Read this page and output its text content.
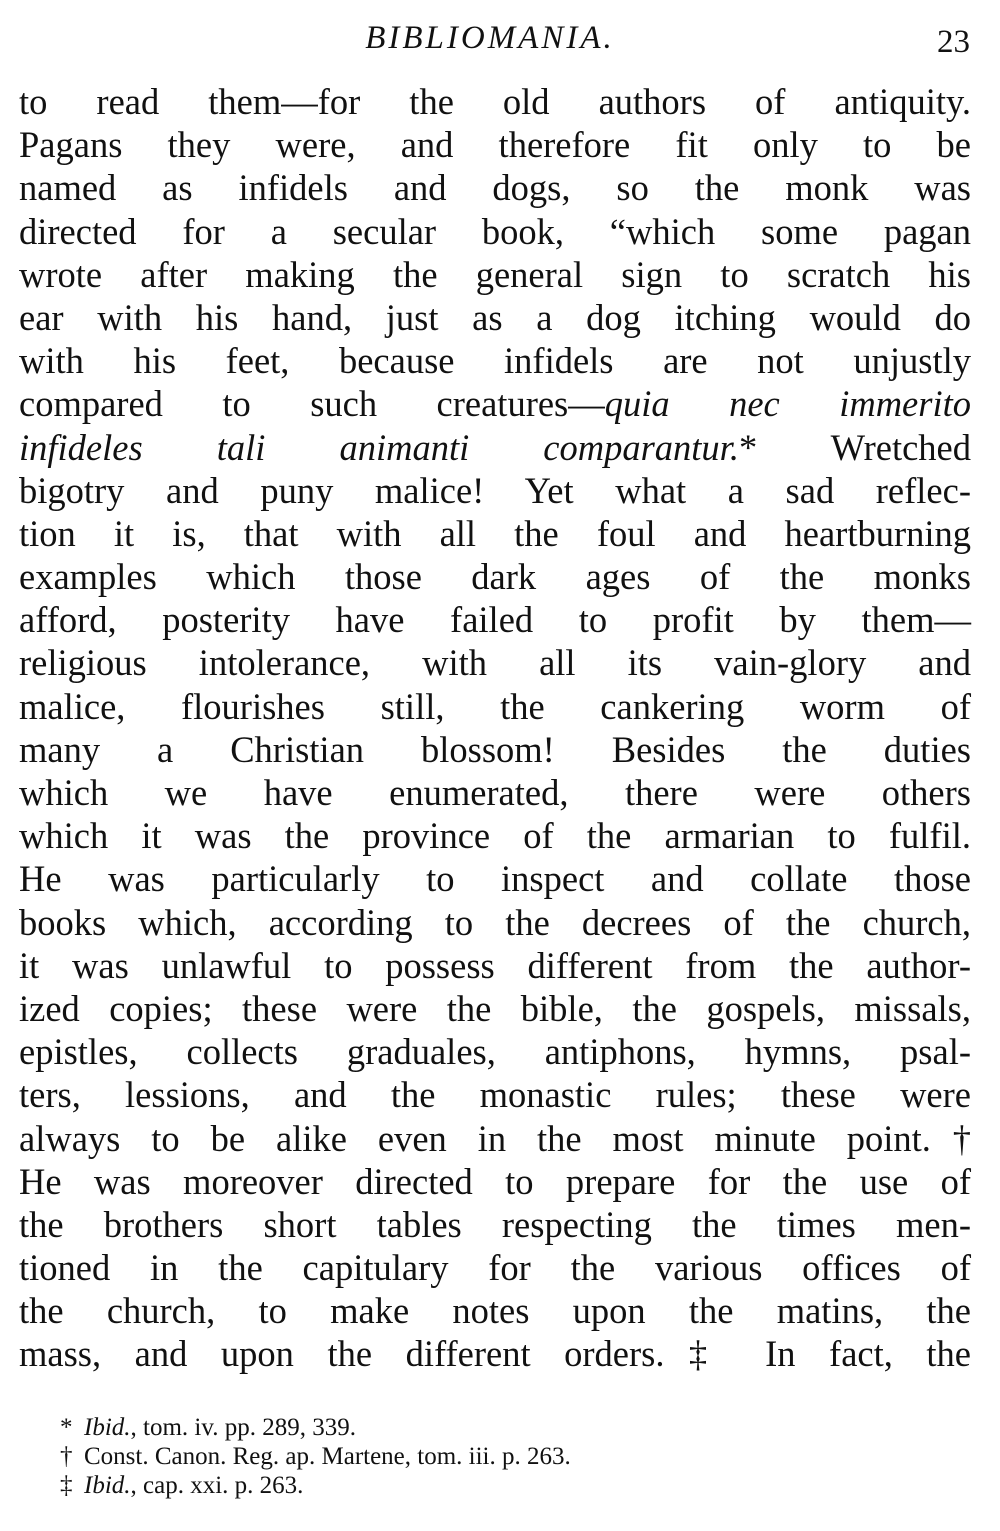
BIBLIOMANIA.	23
to read them—for the old authors of antiquity.
Pagans they were, and therefore fit only to be
named as infidels and dogs, so the monk was
directed for a secular book, “which some pagan
wrote after making the general sign to scratch his
ear with his hand, just as a dog itching would do
with his feet, because infidels are not unjustly
compared to such creatures—quia nec immerito
infideles tali animanti comparantur.* Wretched
bigotry and puny malice! Yet what a sad reflec-
tion it is, that with all the foul and heartburning
examples which those dark ages of the monks
afford, posterity have failed to profit by them—
religious intolerance, with all its vain-glory and
malice, flourishes still, the cankering worm of
many a Christian blossom! Besides the duties
which we have enumerated, there were others
which it was the province of the armarian to fulfil.
He was particularly to inspect and collate those
books which, according to the decrees of the church,
it was unlawful to possess different from the author-
ized copies; these were the bible, the gospels, missals,
epistles, collects graduales, antiphons, hymns, psal-
ters, lessions, and the monastic rules; these were
always to be alike even in the most minute point.†
He was moreover directed to prepare for the use of
the brothers short tables respecting the times men-
tioned in the capitulary for the various offices of
the church, to make notes upon the matins, the
mass, and upon the different orders.‡ In fact, the
* Ibid., tom. iv. pp. 289, 339.
† Const. Canon. Reg. ap. Martene, tom. iii. p. 263.
‡ Ibid., cap. xxi. p. 263.
